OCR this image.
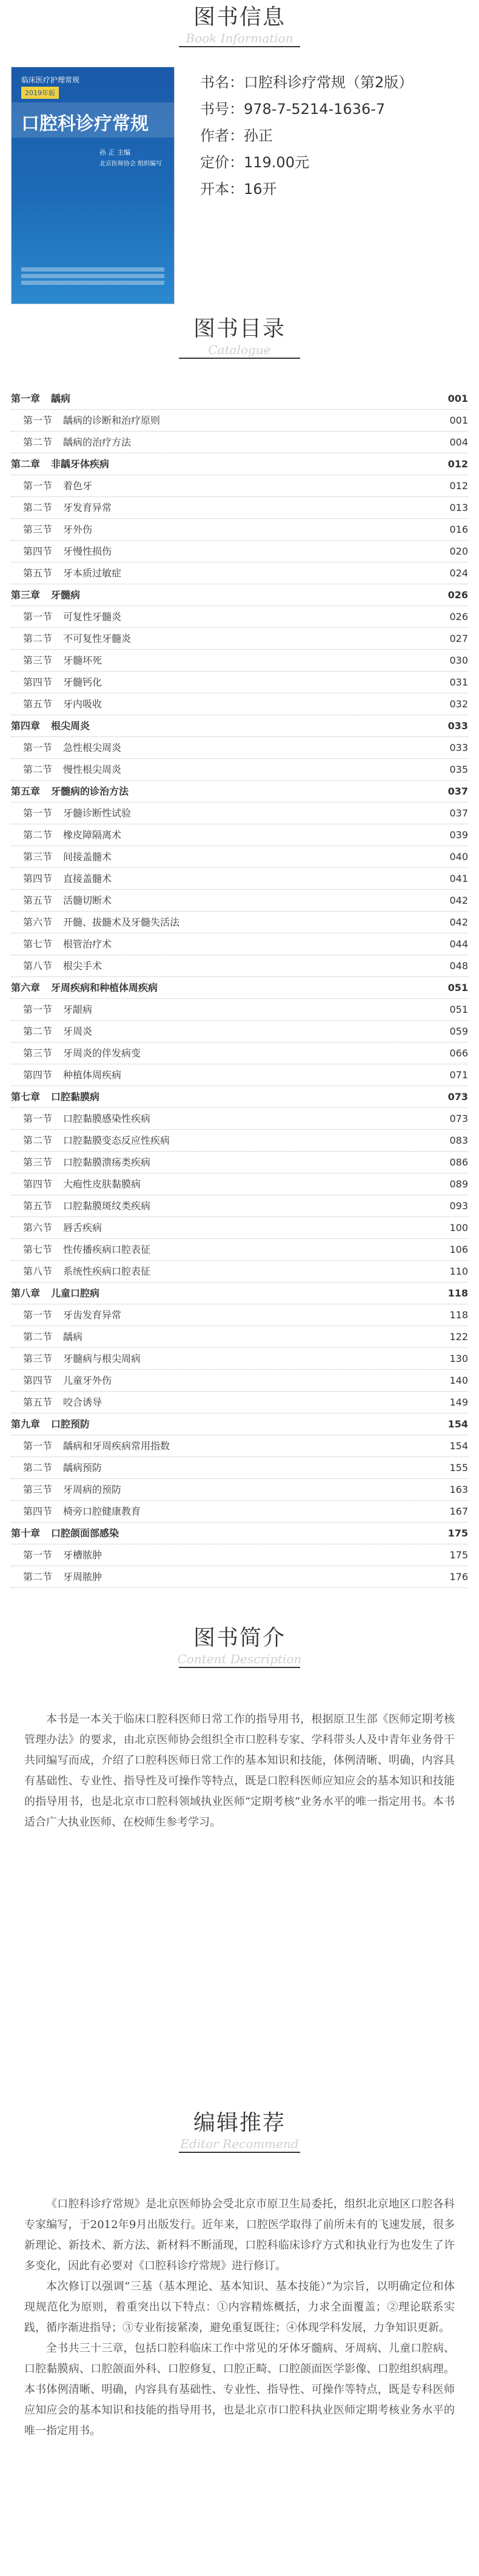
图书信息
Book Information
临床医疗护理常规
2019年版
口腔科诊疗常规
孙 正 主编
北京医师协会 组织编写
书名：口腔科诊疗常规（第2版）
书号：978-7-5214-1636-7
作者：孙正
定价：119.00元
开本：16开
图书目录
Catalogue
第一章 龋病	001
第一节 龋病的诊断和治疗原则	001
第二节 龋病的治疗方法	004
第二章 非龋牙体疾病	012
第一节 着色牙	012
第二节 牙发育异常	013
第三节 牙外伤	016
第四节 牙慢性损伤	020
第五节 牙本质过敏症	024
第三章 牙髓病	026
第一节 可复性牙髓炎	026
第二节 不可复性牙髓炎	027
第三节 牙髓坏死	030
第四节 牙髓钙化	031
第五节 牙内吸收	032
第四章 根尖周炎	033
第一节 急性根尖周炎	033
第二节 慢性根尖周炎	035
第五章 牙髓病的诊治方法	037
第一节 牙髓诊断性试验	037
第二节 橡皮障隔离术	039
第三节 间接盖髓术	040
第四节 直接盖髓术	041
第五节 活髓切断术	042
第六节 开髓、拔髓术及牙髓失活法	042
第七节 根管治疗术	044
第八节 根尖手术	048
第六章 牙周疾病和种植体周疾病	051
第一节 牙龈病	051
第二节 牙周炎	059
第三节 牙周炎的伴发病变	066
第四节 种植体周疾病	071
第七章 口腔黏膜病	073
第一节 口腔黏膜感染性疾病	073
第二节 口腔黏膜变态反应性疾病	083
第三节 口腔黏膜溃疡类疾病	086
第四节 大疱性皮肤黏膜病	089
第五节 口腔黏膜斑纹类疾病	093
第六节 唇舌疾病	100
第七节 性传播疾病口腔表征	106
第八节 系统性疾病口腔表征	110
第八章 儿童口腔病	118
第一节 牙齿发育异常	118
第二节 龋病	122
第三节 牙髓病与根尖周病	130
第四节 儿童牙外伤	140
第五节 咬合诱导	149
第九章 口腔预防	154
第一节 龋病和牙周疾病常用指数	154
第二节 龋病预防	155
第三节 牙周病的预防	163
第四节 椅旁口腔健康教育	167
第十章 口腔颌面部感染	175
第一节 牙槽脓肿	175
第二节 牙周脓肿	176
图书简介
Content Description

本书是一本关于临床口腔科医师日常工作的指导用书，根据原卫生部《医师定期考核管理办法》的要求，由北京医师协会组织全市口腔科专家、学科带头人及中青年业务骨干共同编写而成，介绍了口腔科医师日常工作的基本知识和技能，体例清晰、明确，内容具有基础性、专业性、指导性及可操作等特点，既是口腔科医师应知应会的基本知识和技能的指导用书，也是北京市口腔科领域执业医师“定期考核”业务水平的唯一指定用书。本书适合广大执业医师、在校师生参考学习。

编辑推荐
Editor Recommend

《口腔科诊疗常规》是北京医师协会受北京市原卫生局委托，组织北京地区口腔各科专家编写，于2012年9月出版发行。近年来，口腔医学取得了前所未有的飞速发展，很多新理论、新技术、新方法、新材料不断涌现，口腔科临床诊疗方式和执业行为也发生了许多变化，因此有必要对《口腔科诊疗常规》进行修订。

本次修订以强调“三基（基本理论、基本知识、基本技能）”为宗旨，以明确定位和体现规范化为原则，着重突出以下特点：①内容精炼概括，力求全面覆盖；②理论联系实践，循序渐进指导；③专业衔接紧凑，避免重复既往；④体现学科发展，力争知识更新。

全书共三十三章，包括口腔科临床工作中常见的牙体牙髓病、牙周病、儿童口腔病、口腔黏膜病、口腔颌面外科、口腔修复、口腔正畸、口腔颌面医学影像、口腔组织病理。本书体例清晰、明确，内容具有基础性、专业性、指导性、可操作等特点，既是专科医师应知应会的基本知识和技能的指导用书，也是北京市口腔科执业医师定期考核业务水平的唯一指定用书。
